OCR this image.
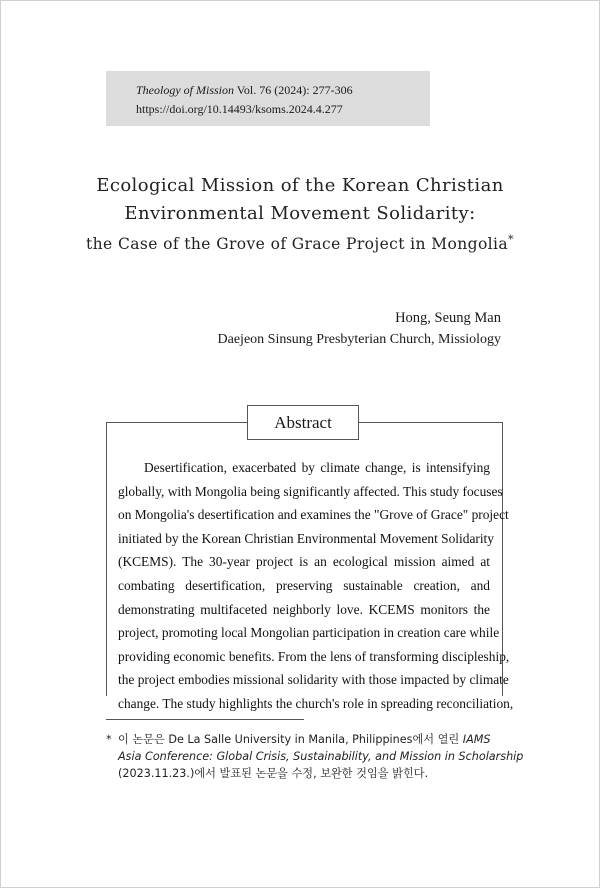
Theology of Mission Vol. 76 (2024): 277-306
https://doi.org/10.14493/ksoms.2024.4.277
Ecological Mission of the Korean Christian
Environmental Movement Solidarity:
the Case of the Grove of Grace Project in Mongolia*
Hong, Seung Man
Daejeon Sinsung Presbyterian Church, Missiology
Abstract
Desertification, exacerbated by climate change, is intensifying
globally, with Mongolia being significantly affected. This study focuses
on Mongolia's desertification and examines the "Grove of Grace" project
initiated by the Korean Christian Environmental Movement Solidarity
(KCEMS). The 30-year project is an ecological mission aimed at
combating desertification, preserving sustainable creation, and
demonstrating multifaceted neighborly love. KCEMS monitors the
project, promoting local Mongolian participation in creation care while
providing economic benefits. From the lens of transforming discipleship,
the project embodies missional solidarity with those impacted by climate
change. The study highlights the church's role in spreading reconciliation,
* 이 논문은 De La Salle University in Manila, Philippines에서 열린 IAMS
Asia Conference: Global Crisis, Sustainability, and Mission in Scholarship
(2023.11.23.)에서 발표된 논문을 수정, 보완한 것임을 밝힌다.
